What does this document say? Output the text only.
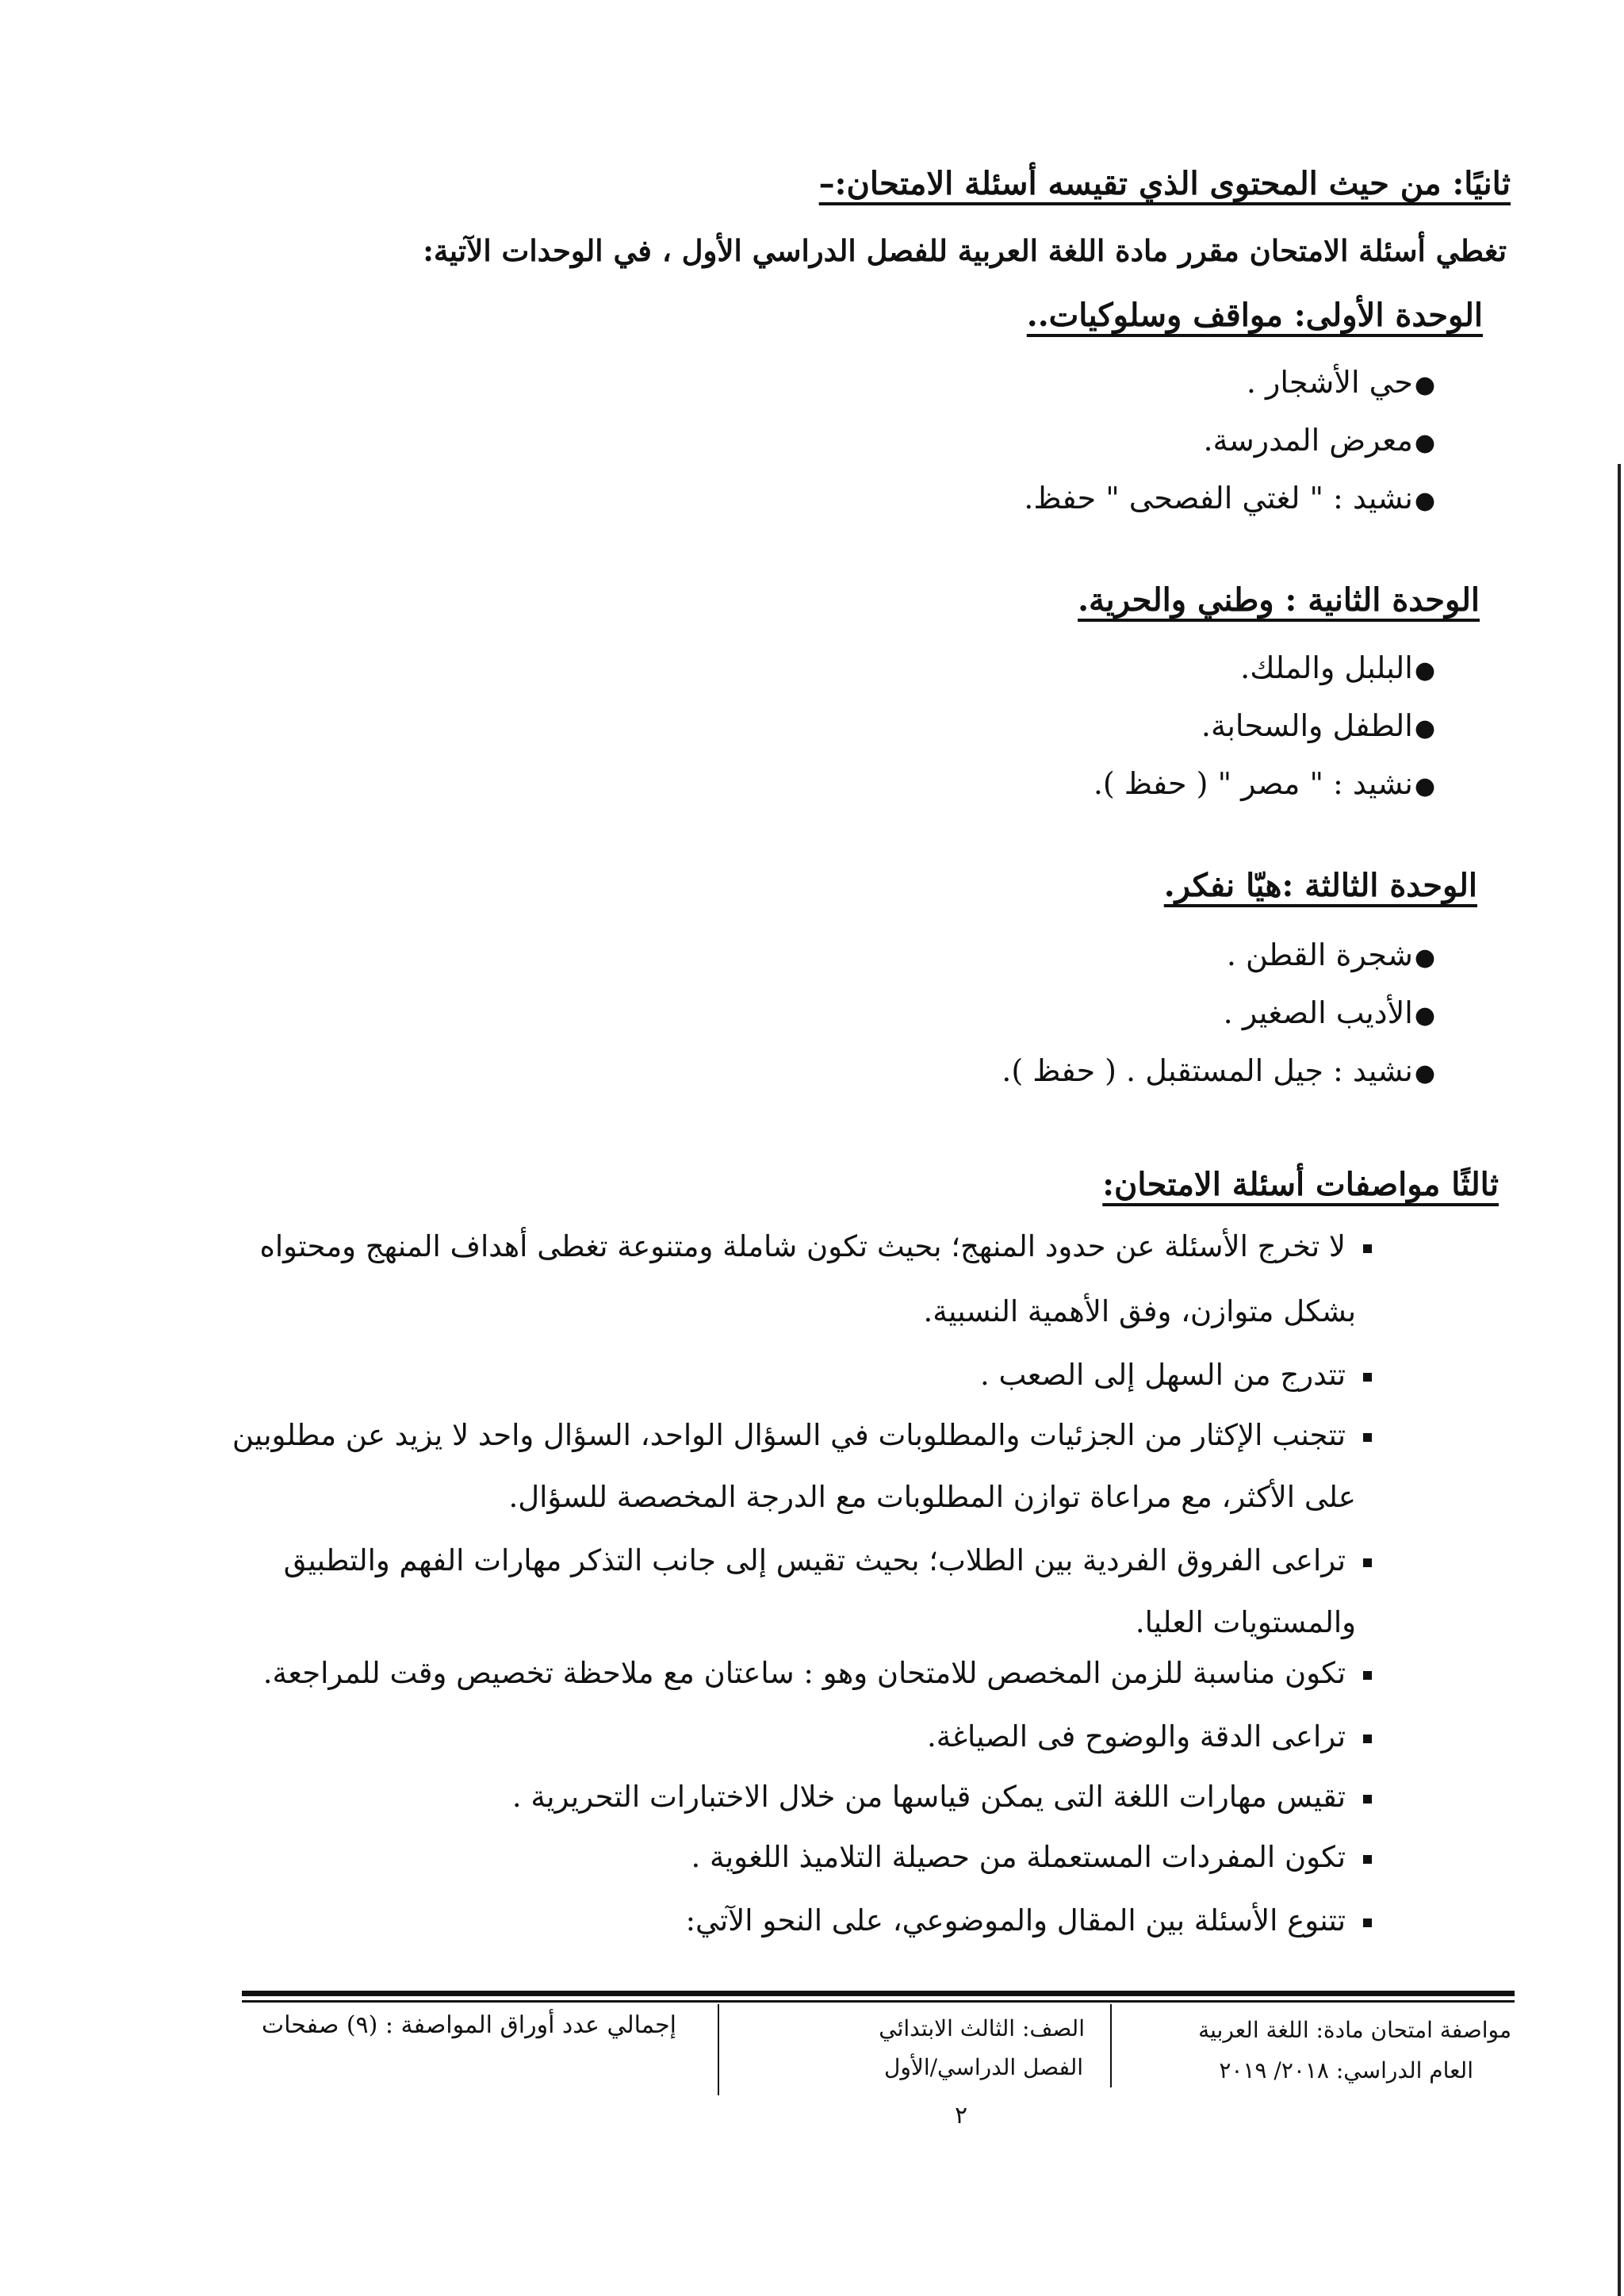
ثانيًا: من حيث المحتوى الذي تقيسه أسئلة الامتحان:–
تغطي أسئلة الامتحان مقرر مادة اللغة العربية للفصل الدراسي الأول ، في الوحدات الآتية:
الوحدة الأولى: مواقف وسلوكيات..
●حي الأشجار .
●معرض المدرسة.
●نشيد : " لغتي الفصحى " حفظ.
الوحدة الثانية : وطني والحرية.
●البلبل والملك.
●الطفل والسحابة.
●نشيد : " مصر " ( حفظ ).
الوحدة الثالثة :هيّا نفكر.
●شجرة القطن .
●الأديب الصغير .
●نشيد : جيل المستقبل . ( حفظ ).
ثالثًا مواصفات أسئلة الامتحان:
لا تخرج الأسئلة عن حدود المنهج؛ بحيث تكون شاملة ومتنوعة تغطى أهداف المنهج ومحتواه
بشكل متوازن، وفق الأهمية النسبية.
تتدرج من السهل إلى الصعب .
تتجنب الإكثار من الجزئيات والمطلوبات في السؤال الواحد، السؤال واحد لا يزيد عن مطلوبين
على الأكثر، مع مراعاة توازن المطلوبات مع الدرجة المخصصة للسؤال.
تراعى الفروق الفردية بين الطلاب؛ بحيث تقيس إلى جانب التذكر مهارات الفهم والتطبيق
والمستويات العليا.
تكون مناسبة للزمن المخصص للامتحان وهو : ساعتان مع ملاحظة تخصيص وقت للمراجعة.
تراعى الدقة والوضوح فى الصياغة.
تقيس مهارات اللغة التى يمكن قياسها من خلال الاختبارات التحريرية .
تكون المفردات المستعملة من حصيلة التلاميذ اللغوية .
تتنوع الأسئلة بين المقال والموضوعي، على النحو الآتي:
مواصفة امتحان مادة: اللغة العربية
العام الدراسي: ٢٠١٨/ ٢٠١٩
الصف: الثالث الابتدائي
الفصل الدراسي/الأول
إجمالي عدد أوراق المواصفة : (٩) صفحات
٢
